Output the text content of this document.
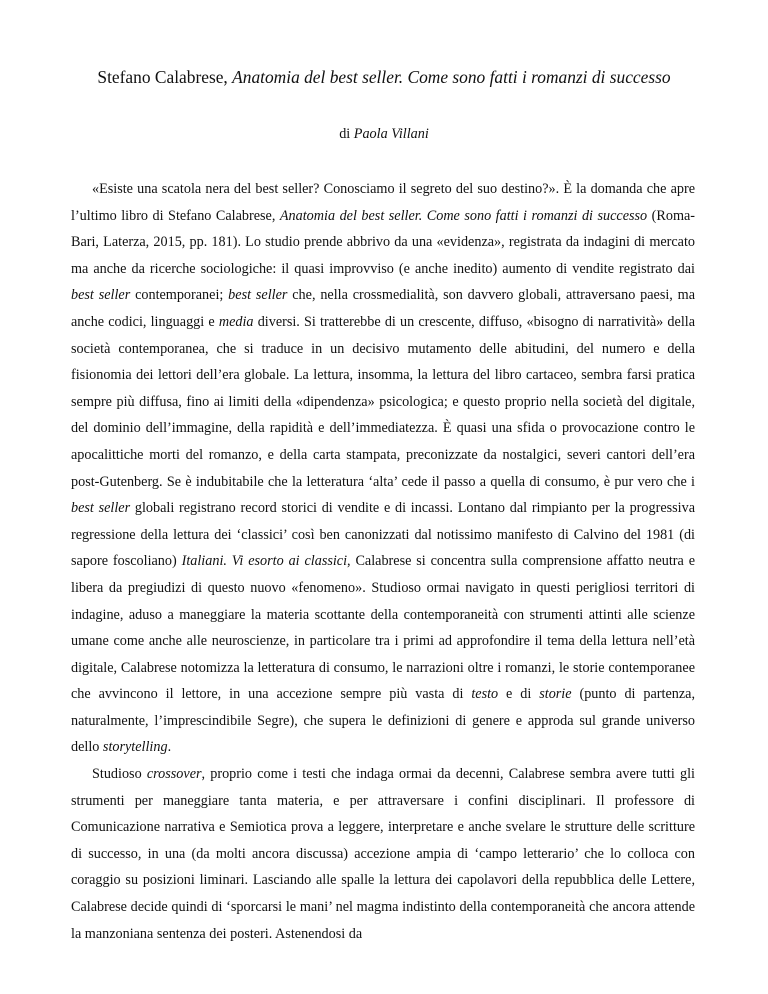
Stefano Calabrese, Anatomia del best seller. Come sono fatti i romanzi di successo
di Paola Villani

«Esiste una scatola nera del best seller? Conosciamo il segreto del suo destino?». È la domanda che apre l’ultimo libro di Stefano Calabrese, Anatomia del best seller. Come sono fatti i romanzi di successo (Roma-Bari, Laterza, 2015, pp. 181). Lo studio prende abbrivo da una «evidenza», registrata da indagini di mercato ma anche da ricerche sociologiche: il quasi improvviso (e anche inedito) aumento di vendite registrato dai best seller contemporanei; best seller che, nella crossmedialità, son davvero globali, attraversano paesi, ma anche codici, linguaggi e media diversi. Si tratterebbe di un crescente, diffuso, «bisogno di narratività» della società contemporanea, che si traduce in un decisivo mutamento delle abitudini, del numero e della fisionomia dei lettori dell’era globale. La lettura, insomma, la lettura del libro cartaceo, sembra farsi pratica sempre più diffusa, fino ai limiti della «dipendenza» psicologica; e questo proprio nella società del digitale, del dominio dell’immagine, della rapidità e dell’immediatezza. È quasi una sfida o provocazione contro le apocalittiche morti del romanzo, e della carta stampata, preconizzate da nostalgici, severi cantori dell’era post-Gutenberg. Se è indubitabile che la letteratura ‘alta’ cede il passo a quella di consumo, è pur vero che i best seller globali registrano record storici di vendite e di incassi. Lontano dal rimpianto per la progressiva regressione della lettura dei ‘classici’ così ben canonizzati dal notissimo manifesto di Calvino del 1981 (di sapore foscoliano) Italiani. Vi esorto ai classici, Calabrese si concentra sulla comprensione affatto neutra e libera da pregiudizi di questo nuovo «fenomeno». Studioso ormai navigato in questi perigliosi territori di indagine, aduso a maneggiare la materia scottante della contemporaneità con strumenti attinti alle scienze umane come anche alle neuroscienze, in particolare tra i primi ad approfondire il tema della lettura nell’età digitale, Calabrese notomizza la letteratura di consumo, le narrazioni oltre i romanzi, le storie contemporanee che avvincono il lettore, in una accezione sempre più vasta di testo e di storie (punto di partenza, naturalmente, l’imprescindibile Segre), che supera le definizioni di genere e approda sul grande universo dello storytelling.

Studioso crossover, proprio come i testi che indaga ormai da decenni, Calabrese sembra avere tutti gli strumenti per maneggiare tanta materia, e per attraversare i confini disciplinari. Il professore di Comunicazione narrativa e Semiotica prova a leggere, interpretare e anche svelare le strutture delle scritture di successo, in una (da molti ancora discussa) accezione ampia di ‘campo letterario’ che lo colloca con coraggio su posizioni liminari. Lasciando alle spalle la lettura dei capolavori della repubblica delle Lettere, Calabrese decide quindi di ‘sporcarsi le mani’ nel magma indistinto della contemporaneità che ancora attende la manzoniana sentenza dei posteri. Astenendosi da
